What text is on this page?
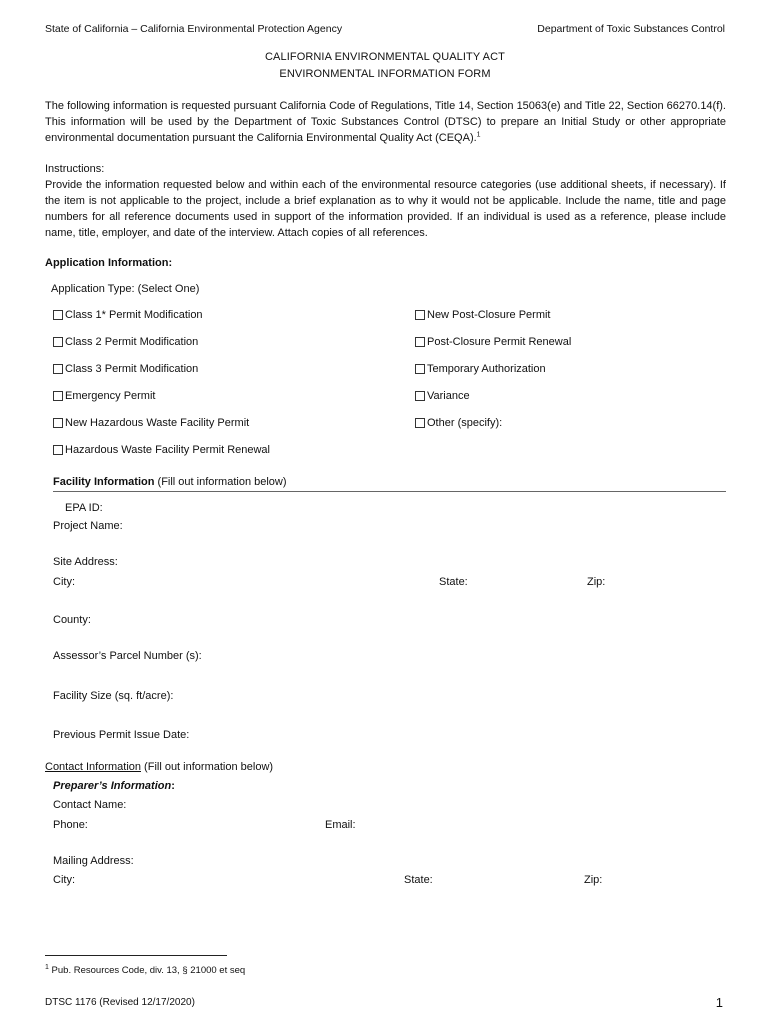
State of California – California Environmental Protection Agency	Department of Toxic Substances Control
CALIFORNIA ENVIRONMENTAL QUALITY ACT
ENVIRONMENTAL INFORMATION FORM
The following information is requested pursuant California Code of Regulations, Title 14, Section 15063(e) and Title 22, Section 66270.14(f). This information will be used by the Department of Toxic Substances Control (DTSC) to prepare an Initial Study or other appropriate environmental documentation pursuant the California Environmental Quality Act (CEQA).$^1$
Instructions:
Provide the information requested below and within each of the environmental resource categories (use additional sheets, if necessary). If the item is not applicable to the project, include a brief explanation as to why it would not be applicable. Include the name, title and page numbers for all reference documents used in support of the information provided. If an individual is used as a reference, please include name, title, employer, and date of the interview. Attach copies of all references.
Application Information:
Application Type: (Select One)
Class 1* Permit Modification
Class 2 Permit Modification
Class 3 Permit Modification
Emergency Permit
New Hazardous Waste Facility Permit
Hazardous Waste Facility Permit Renewal
New Post-Closure Permit
Post-Closure Permit Renewal
Temporary Authorization
Variance
Other (specify):
Facility Information (Fill out information below)
EPA ID:
Project Name:
Site Address:
City:	State:	Zip:
County:
Assessor’s Parcel Number (s):
Facility Size (sq. ft/acre):
Previous Permit Issue Date:
Contact Information (Fill out information below)
Preparer’s Information:
Contact Name:
Phone:	Email:
Mailing Address:
City:	State:	Zip:
$^1$ Pub. Resources Code, div. 13, § 21000 et seq
DTSC 1176 (Revised 12/17/2020)	1
